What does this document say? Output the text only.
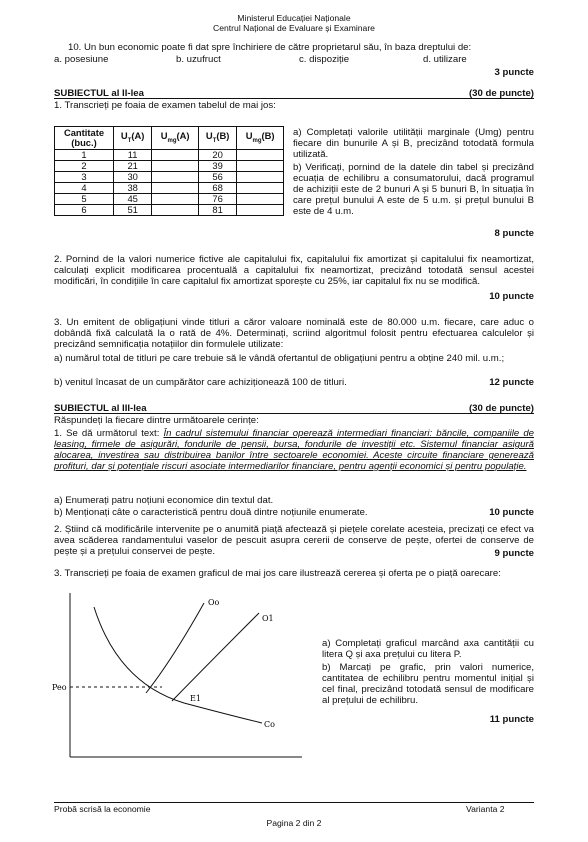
Ministerul Educației Naționale
Centrul Național de Evaluare și Examinare
10. Un bun economic poate fi dat spre închiriere de către proprietarul său, în baza dreptului de:
a. posesiune	b. uzufruct	c. dispoziție	d. utilizare
3 puncte
SUBIECTUL al II-lea	(30 de puncte)
1. Transcrieți pe foaia de examen tabelul de mai jos:
Cantitate (buc.)	$U_T(A)$	$U_{mg}(A)$	$U_T(B)$	$U_{mg}(B)$
1	11		20	
2	21		39	
3	30		56	
4	38		68	
5	45		76	
6	51		81	
a) Completați valorile utilității marginale (Umg) pentru fiecare din bunurile A și B, precizând totodată formula utilizată.
b) Verificați, pornind de la datele din tabel și precizând ecuația de echilibru a consumatorului, dacă programul de achiziții este de 2 bunuri A și 5 bunuri B, în situația în care prețul bunului A este de 5 u.m. și prețul bunului B este de 4 u.m.
8 puncte
2. Pornind de la valori numerice fictive ale capitalului fix, capitalului fix amortizat și capitalului fix neamortizat, calculați explicit modificarea procentuală a capitalului fix neamortizat, precizând totodată sensul acestei modificări, în condițiile în care capitalul fix amortizat sporește cu 25%, iar capitalul fix nu se modifică.
10 puncte
3. Un emitent de obligațiuni vinde titluri a căror valoare nominală este de 80.000 u.m. fiecare, care aduc o dobândă fixă calculată la o rată de 4%. Determinați, scriind algoritmul folosit pentru efectuarea calculelor și precizând semnificația notațiilor din formulele utilizate:
a) numărul total de titluri pe care trebuie să le vândă ofertantul de obligațiuni pentru a obține 240 mil. u.m.;
b) venitul încasat de un cumpărător care achiziționează 100 de titluri.	12 puncte
SUBIECTUL al III-lea	(30 de puncte)
Răspundeți la fiecare dintre următoarele cerințe:
1. Se dă următorul text: În cadrul sistemului financiar operează intermediari financiari: băncile, companiile de leasing, firmele de asigurări, fondurile de pensii, bursa, fondurile de investiții etc. Sistemul financiar asigură alocarea, investirea sau distribuirea banilor între sectoarele economiei. Aceste circuite financiare generează profituri, dar și potențiale riscuri asociate intermediarilor financiare, pentru agenții economici și pentru populație.
a) Enumerați patru noțiuni economice din textul dat.
b) Menționați câte o caracteristică pentru două dintre noțiunile enumerate.	10 puncte
2. Știind că modificările intervenite pe o anumită piață afectează și piețele corelate acesteia, precizați ce efect va avea scăderea randamentului vaselor de pescuit asupra cererii de conserve de pește, ofertei de conserve de pește și a prețului conservei de pește.	9 puncte
3. Transcrieți pe foaia de examen graficul de mai jos care ilustrează cererea și oferta pe o piață oarecare:
Oo
O1
Co
Peo
E1
a) Completați graficul marcând axa cantității cu litera Q și axa prețului cu litera P.
b) Marcați pe grafic, prin valori numerice, cantitatea de echilibru pentru momentul inițial și cel final, precizând totodată sensul de modificare al prețului de echilibru.
11 puncte
Probă scrisă la economie	Varianta 2
Pagina 2 din 2
